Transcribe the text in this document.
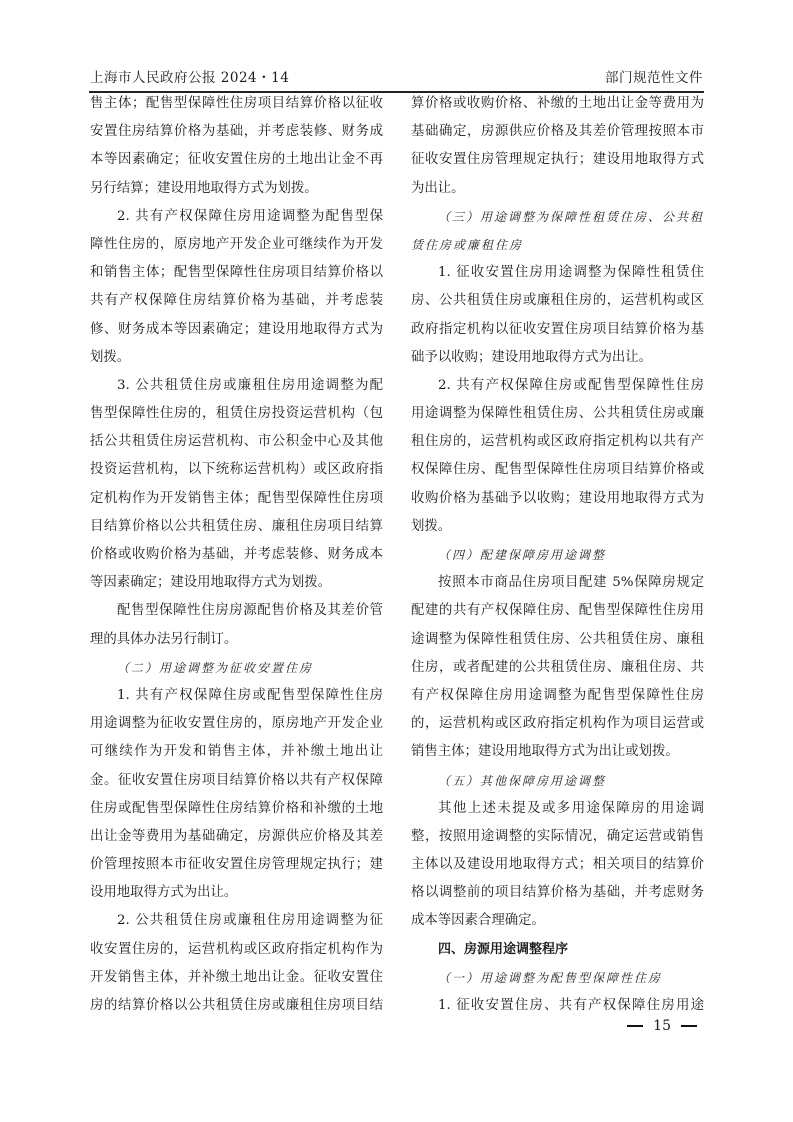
上海市人民政府公报 2024・14	部门规范性文件
售主体；配售型保障性住房项目结算价格以征收
安置住房结算价格为基础，并考虑装修、财务成
本等因素确定；征收安置住房的土地出让金不再
另行结算；建设用地取得方式为划拨。
2. 共有产权保障住房用途调整为配售型保
障性住房的，原房地产开发企业可继续作为开发
和销售主体；配售型保障性住房项目结算价格以
共有产权保障住房结算价格为基础，并考虑装
修、财务成本等因素确定；建设用地取得方式为
划拨。
3. 公共租赁住房或廉租住房用途调整为配
售型保障性住房的，租赁住房投资运营机构（包
括公共租赁住房运营机构、市公积金中心及其他
投资运营机构，以下统称运营机构）或区政府指
定机构作为开发销售主体；配售型保障性住房项
目结算价格以公共租赁住房、廉租住房项目结算
价格或收购价格为基础，并考虑装修、财务成本
等因素确定；建设用地取得方式为划拨。
配售型保障性住房房源配售价格及其差价管
理的具体办法另行制订。
（二）用途调整为征收安置住房
1. 共有产权保障住房或配售型保障性住房
用途调整为征收安置住房的，原房地产开发企业
可继续作为开发和销售主体，并补缴土地出让
金。征收安置住房项目结算价格以共有产权保障
住房或配售型保障性住房结算价格和补缴的土地
出让金等费用为基础确定，房源供应价格及其差
价管理按照本市征收安置住房管理规定执行；建
设用地取得方式为出让。
2. 公共租赁住房或廉租住房用途调整为征
收安置住房的，运营机构或区政府指定机构作为
开发销售主体，并补缴土地出让金。征收安置住
房的结算价格以公共租赁住房或廉租住房项目结
算价格或收购价格、补缴的土地出让金等费用为
基础确定，房源供应价格及其差价管理按照本市
征收安置住房管理规定执行；建设用地取得方式
为出让。
（三）用途调整为保障性租赁住房、公共租
赁住房或廉租住房
1. 征收安置住房用途调整为保障性租赁住
房、公共租赁住房或廉租住房的，运营机构或区
政府指定机构以征收安置住房项目结算价格为基
础予以收购；建设用地取得方式为出让。
2. 共有产权保障住房或配售型保障性住房
用途调整为保障性租赁住房、公共租赁住房或廉
租住房的，运营机构或区政府指定机构以共有产
权保障住房、配售型保障性住房项目结算价格或
收购价格为基础予以收购；建设用地取得方式为
划拨。
（四）配建保障房用途调整
按照本市商品住房项目配建 5%保障房规定
配建的共有产权保障住房、配售型保障性住房用
途调整为保障性租赁住房、公共租赁住房、廉租
住房，或者配建的公共租赁住房、廉租住房、共
有产权保障住房用途调整为配售型保障性住房
的，运营机构或区政府指定机构作为项目运营或
销售主体；建设用地取得方式为出让或划拨。
（五）其他保障房用途调整
其他上述未提及或多用途保障房的用途调
整，按照用途调整的实际情况，确定运营或销售
主体以及建设用地取得方式；相关项目的结算价
格以调整前的项目结算价格为基础，并考虑财务
成本等因素合理确定。
四、房源用途调整程序
（一）用途调整为配售型保障性住房
1. 征收安置住房、共有产权保障住房用途
15
